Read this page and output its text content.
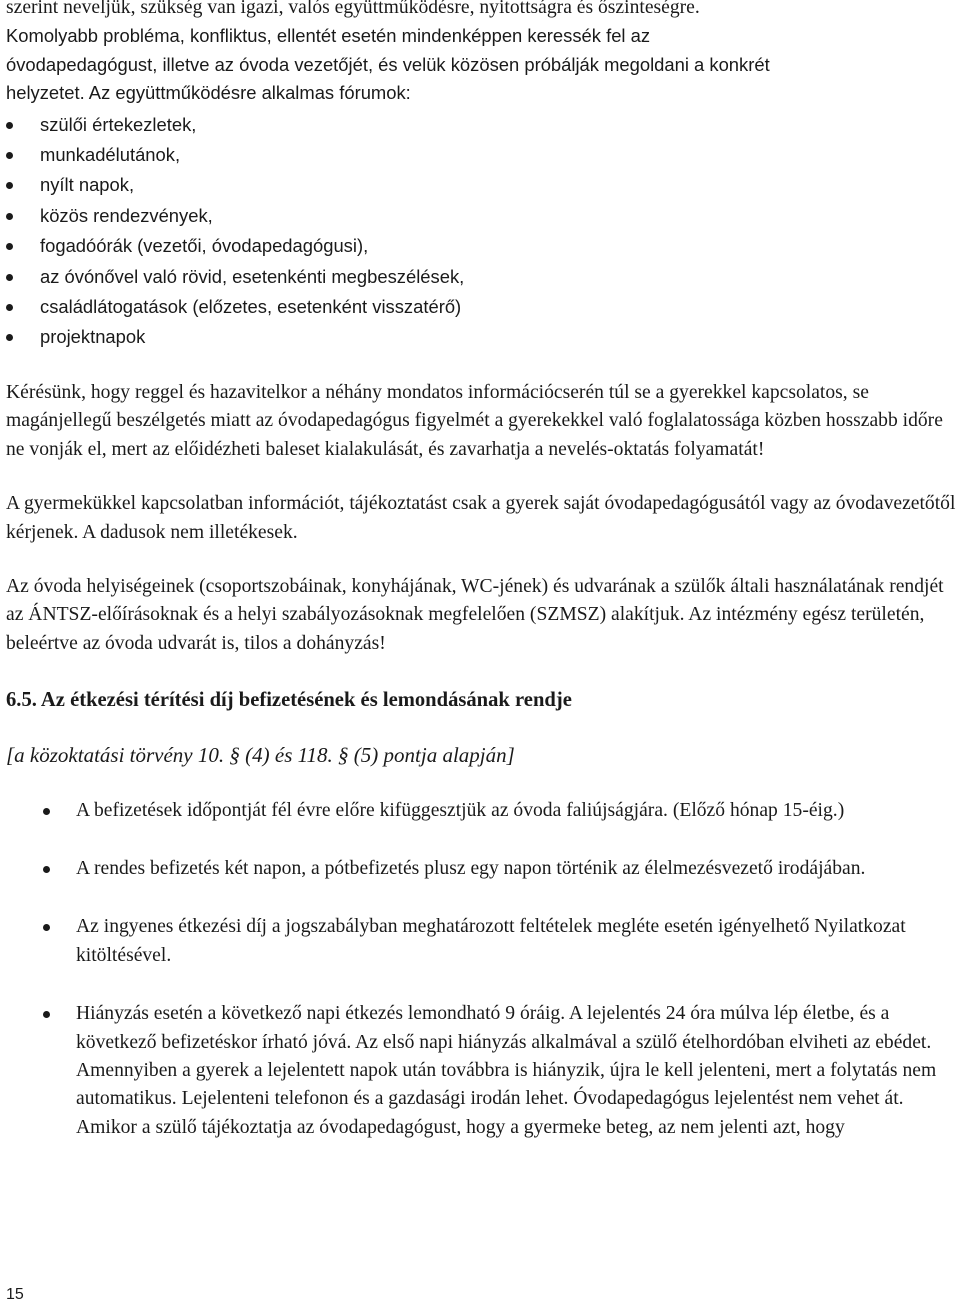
szerint neveljük, szükség van igazi, valós együttműködésre, nyitottságra és őszinteségre.
Komolyabb probléma, konfliktus, ellentét esetén mindenképpen keressék fel az
óvodapedagógust, illetve az óvoda vezetőjét, és velük közösen próbálják megoldani a konkrét
helyzetet. Az együttműködésre alkalmas fórumok:
szülői értekezletek,
munkadélutánok,
nyílt napok,
közös rendezvények,
fogadóórák (vezetői, óvodapedagógusi),
az óvónővel való rövid, esetenkénti megbeszélések,
családlátogatások (előzetes, esetenként visszatérő)
projektnapok

Kérésünk, hogy reggel és hazavitelkor a néhány mondatos információcserén túl se a gyerekkel kapcsolatos, se magánjellegű beszélgetés miatt az óvodapedagógus figyelmét a gyerekekkel való foglalatossága közben hosszabb időre ne vonják el, mert az előidézheti baleset kialakulását, és zavarhatja a nevelés-oktatás folyamatát!

A gyermekükkel kapcsolatban információt, tájékoztatást csak a gyerek saját óvodapedagógusától vagy az óvodavezetőtől kérjenek. A dadusok nem illetékesek.

Az óvoda helyiségeinek (csoportszobáinak, konyhájának, WC-jének) és udvarának a szülők általi használatának rendjét az ÁNTSZ-előírásoknak és a helyi szabályozásoknak megfelelően (SZMSZ) alakítjuk. Az intézmény egész területén, beleértve az óvoda udvarát is, tilos a dohányzás!

6.5. Az étkezési térítési díj befizetésének és lemondásának rendje

[a közoktatási törvény 10. § (4) és 118. § (5) pontja alapján]

A befizetések időpontját fél évre előre kifüggesztjük az óvoda faliújságjára. (Előző hónap 15-éig.)
A rendes befizetés két napon, a pótbefizetés plusz egy napon történik az élelmezésvezető irodájában.
Az ingyenes étkezési díj a jogszabályban meghatározott feltételek megléte esetén igényelhető Nyilatkozat kitöltésével.
Hiányzás esetén a következő napi étkezés lemondható 9 óráig. A lejelentés 24 óra múlva lép életbe, és a következő befizetéskor írható jóvá. Az első napi hiányzás alkalmával a szülő ételhordóban elviheti az ebédet. Amennyiben a gyerek a lejelentett napok után továbbra is hiányzik, újra le kell jelenteni, mert a folytatás nem automatikus. Lejelenteni telefonon és a gazdasági irodán lehet. Óvodapedagógus lejelentést nem vehet át. Amikor a szülő tájékoztatja az óvodapedagógust, hogy a gyermeke beteg, az nem jelenti azt, hogy
15
